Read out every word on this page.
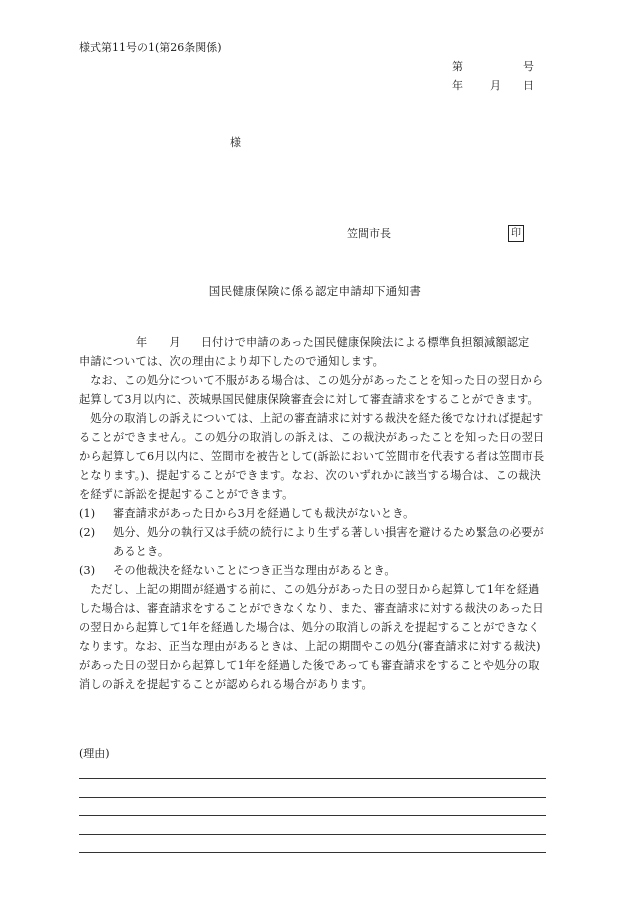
様式第11号の1(第26条関係)
第	号
年 月 日
様
笠間市長	印
国民健康保険に係る認定申請却下通知書

年 月 日付けで申請のあった国民健康保険法による標準負担額減額認定

申請については、次の理由により却下したので通知します。

なお、この処分について不服がある場合は、この処分があったことを知った日の翌日から起算して3月以内に、茨城県国民健康保険審査会に対して審査請求をすることができます。

処分の取消しの訴えについては、上記の審査請求に対する裁決を経た後でなければ提起することができません。この処分の取消しの訴えは、この裁決があったことを知った日の翌日から起算して6月以内に、笠間市を被告として(訴訟において笠間市を代表する者は笠間市長となります。)、提起することができます。なお、次のいずれかに該当する場合は、この裁決を経ずに訴訟を提起することができます。

(1)	審査請求があった日から3月を経過しても裁決がないとき。
(2)	処分、処分の執行又は手続の続行により生ずる著しい損害を避けるため緊急の必要が
あるとき。
(3)	その他裁決を経ないことにつき正当な理由があるとき。

ただし、上記の期間が経過する前に、この処分があった日の翌日から起算して1年を経過した場合は、審査請求をすることができなくなり、また、審査請求に対する裁決のあった日の翌日から起算して1年を経過した場合は、処分の取消しの訴えを提起することができなくなります。なお、正当な理由があるときは、上記の期間やこの処分(審査請求に対する裁決)があった日の翌日から起算して1年を経過した後であっても審査請求をすることや処分の取消しの訴えを提起することが認められる場合があります。

(理由)
